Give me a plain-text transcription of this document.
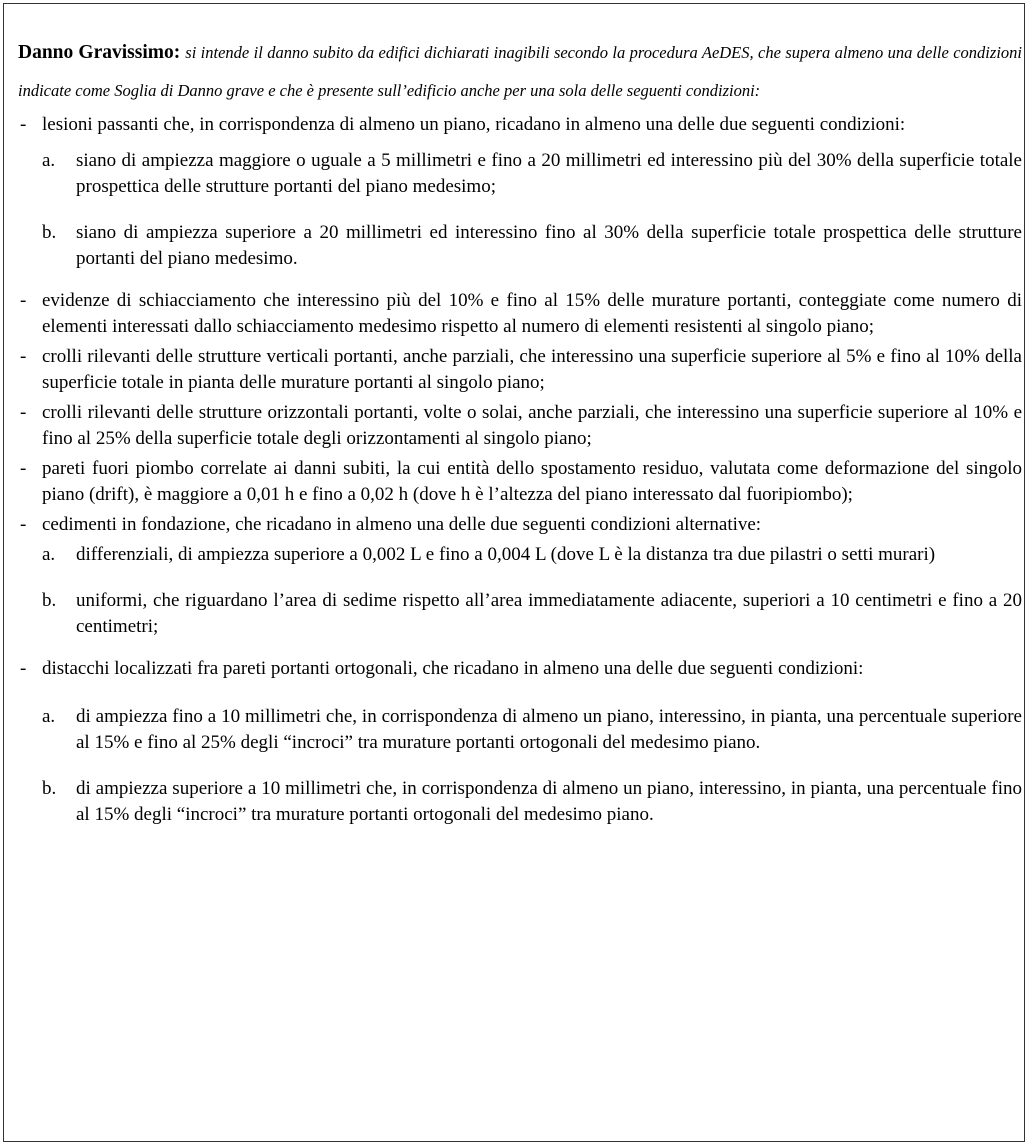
Danno Gravissimo: si intende il danno subito da edifici dichiarati inagibili secondo la procedura AeDES, che supera almeno una delle condizioni indicate come Soglia di Danno grave e che è presente sull’edificio anche per una sola delle seguenti condizioni:

- lesioni passanti che, in corrispondenza di almeno un piano, ricadano in almeno una delle due seguenti condizioni:
a. siano di ampiezza maggiore o uguale a 5 millimetri e fino a 20 millimetri ed interessino più del 30% della superficie totale prospettica delle strutture portanti del piano medesimo;
b. siano di ampiezza superiore a 20 millimetri ed interessino fino al 30% della superficie totale prospettica delle strutture portanti del piano medesimo.
- evidenze di schiacciamento che interessino più del 10% e fino al 15% delle murature portanti, conteggiate come numero di elementi interessati dallo schiacciamento medesimo rispetto al numero di elementi resistenti al singolo piano;
- crolli rilevanti delle strutture verticali portanti, anche parziali, che interessino una superficie superiore al 5% e fino al 10% della superficie totale in pianta delle murature portanti al singolo piano;
- crolli rilevanti delle strutture orizzontali portanti, volte o solai, anche parziali, che interessino una superficie superiore al 10% e fino al 25% della superficie totale degli orizzontamenti al singolo piano;
- pareti fuori piombo correlate ai danni subiti, la cui entità dello spostamento residuo, valutata come deformazione del singolo piano (drift), è maggiore a 0,01 h e fino a 0,02 h (dove h è l’altezza del piano interessato dal fuoripiombo);
- cedimenti in fondazione, che ricadano in almeno una delle due seguenti condizioni alternative:
a. differenziali, di ampiezza superiore a 0,002 L e fino a 0,004 L (dove L è la distanza tra due pilastri o setti murari)
b. uniformi, che riguardano l’area di sedime rispetto all’area immediatamente adiacente, superiori a 10 centimetri e fino a 20 centimetri;
- distacchi localizzati fra pareti portanti ortogonali, che ricadano in almeno una delle due seguenti condizioni:
a. di ampiezza fino a 10 millimetri che, in corrispondenza di almeno un piano, interessino, in pianta, una percentuale superiore al 15% e fino al 25% degli “incroci” tra murature portanti ortogonali del medesimo piano.
b. di ampiezza superiore a 10 millimetri che, in corrispondenza di almeno un piano, interessino, in pianta, una percentuale fino al 15% degli “incroci” tra murature portanti ortogonali del medesimo piano.
